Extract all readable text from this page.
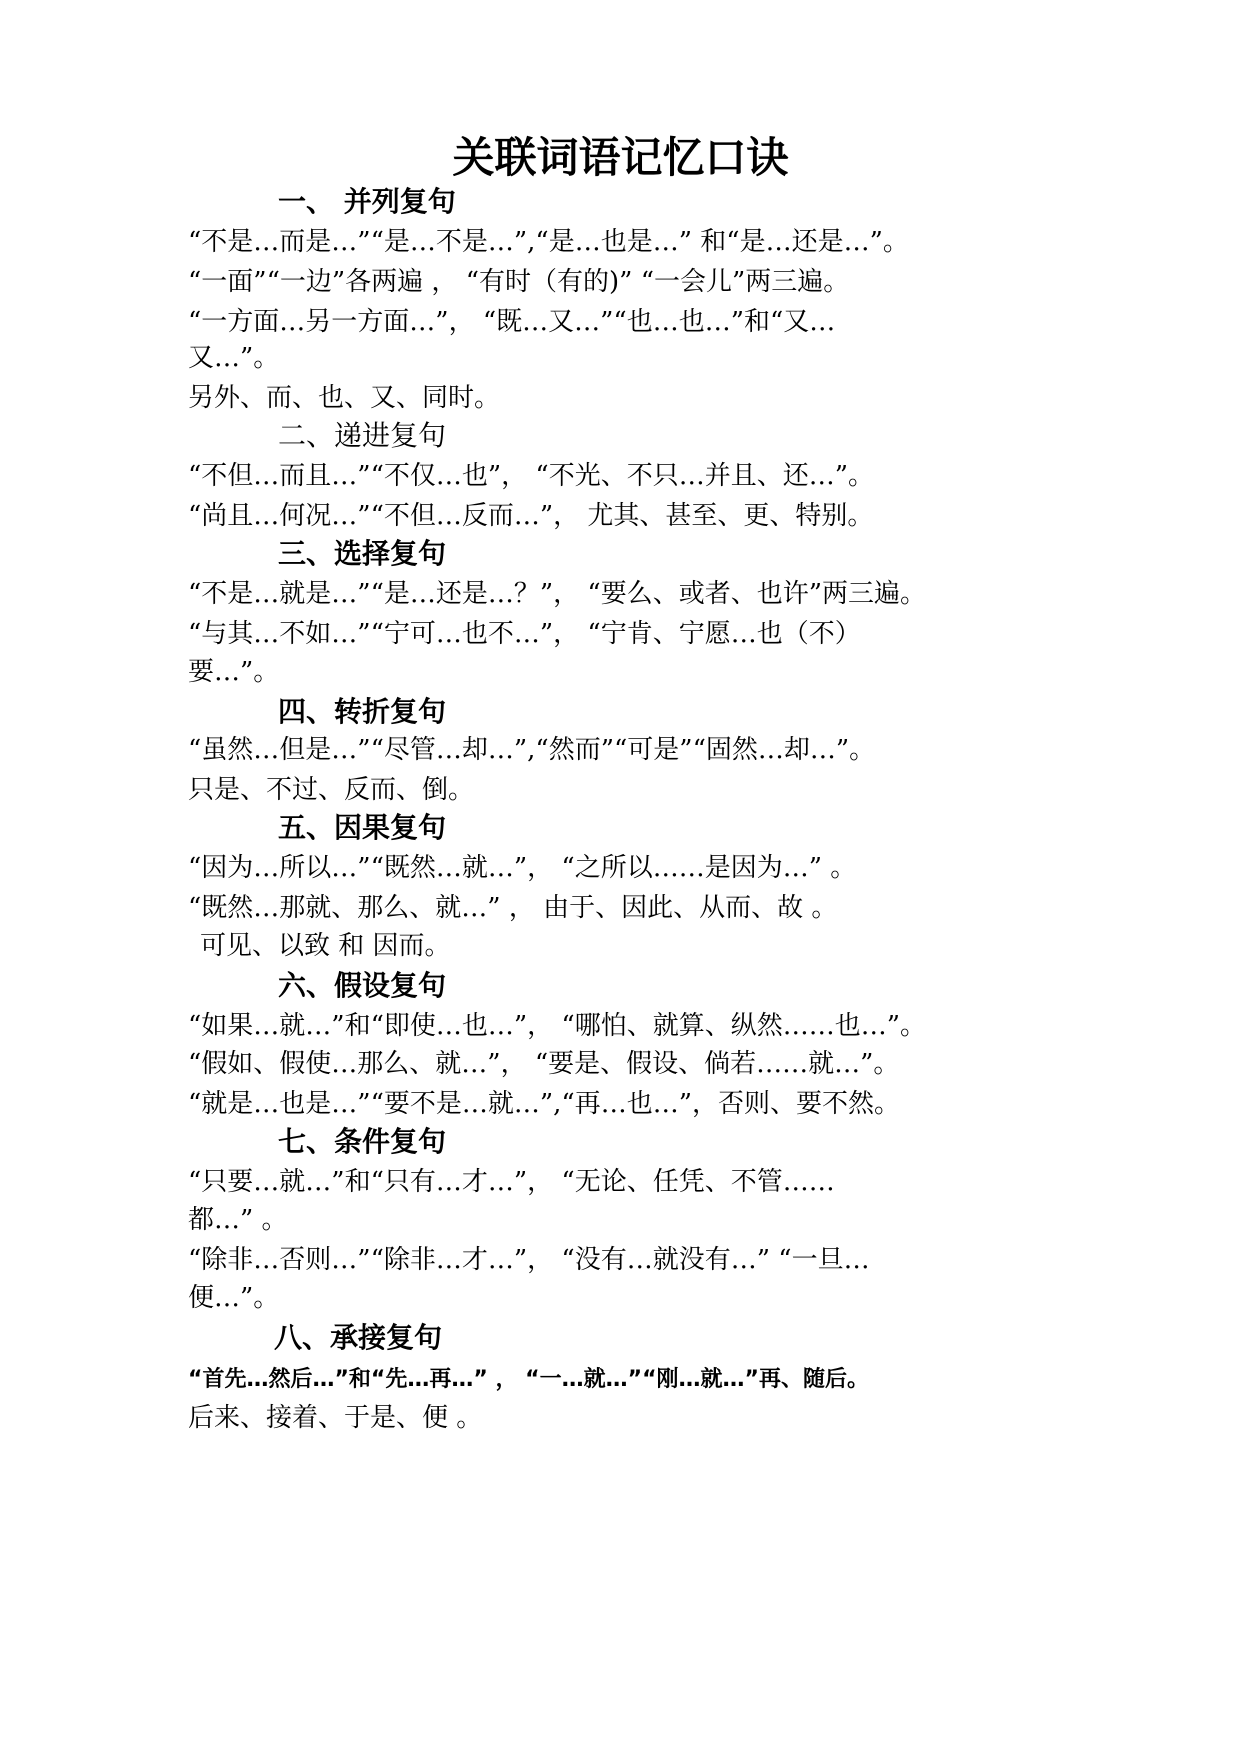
关联词语记忆口诀
一、 并列复句
“不是…而是…”“是…不是…”,“是…也是…” 和“是…还是…”。
“一面”“一边”各两遍 ， “有时（有的)” “一会儿”两三遍。
“一方面…另一方面…”， “既…又…”“也…也…”和“又…
又…”。
另外、而、也、又、同时。
二、递进复句
“不但…而且…”“不仅…也”， “不光、不只…并且、还…”。
“尚且…何况…”“不但…反而…”， 尤其、甚至、更、特别。
三、选择复句
“不是…就是…”“是…还是…？”， “要么、或者、也许”两三遍。
“与其…不如…”“宁可…也不…”， “宁肯、宁愿…也（不）
要…”。
四、转折复句
“虽然…但是…”“尽管…却…”,“然而”“可是”“固然…却…”。
只是、不过、反而、倒。
五、因果复句
“因为…所以…”“既然…就…”， “之所以……是因为…” 。
“既然…那就、那么、就…” ， 由于、因此、从而、故 。
可见、以致 和 因而。
六、假设复句
“如果…就…”和“即使…也…”， “哪怕、就算、纵然……也…”。
“假如、假使…那么、就…”， “要是、假设、倘若……就…”。
“就是…也是…”“要不是…就…”,“再…也…”，否则、要不然。
七、条件复句
“只要…就…”和“只有…才…”， “无论、任凭、不管……
都…” 。
“除非…否则…”“除非…才…”， “没有…就没有…” “一旦…
便…”。
八、承接复句
“首先…然后…”和“先…再…” ， “一…就…”“刚…就…”再、随后。
后来、接着、于是、便 。
